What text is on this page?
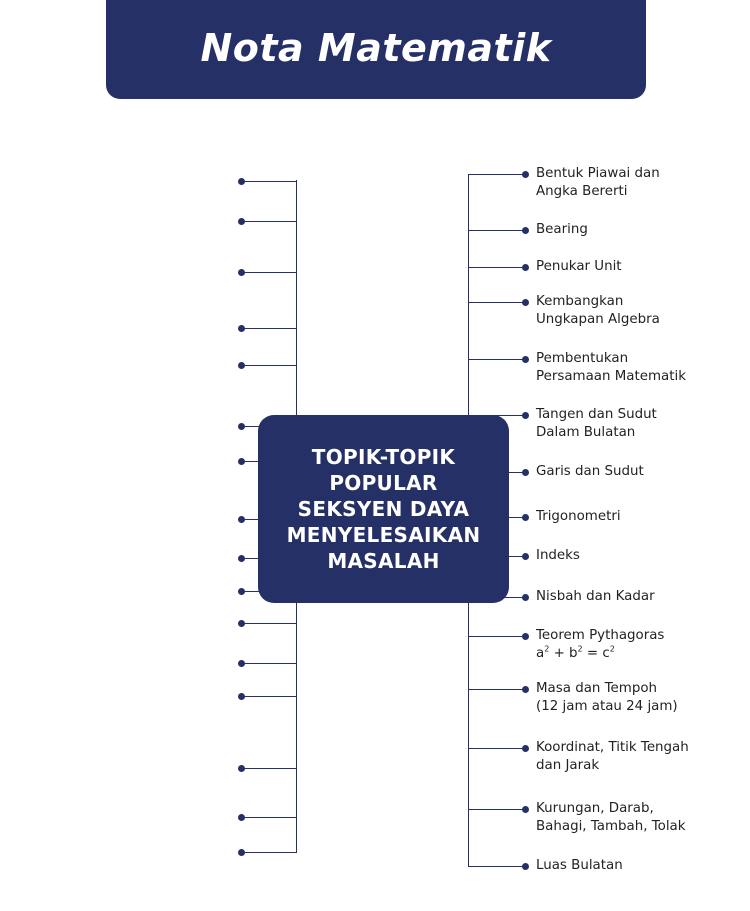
Nota Matematik
Bentuk Piawai dan
Angka Bererti
Bearing
Penukar Unit
Kembangkan
Ungkapan Algebra
Pembentukan
Persamaan Matematik
Tangen dan Sudut
Dalam Bulatan
Garis dan Sudut
Trigonometri
Indeks
Nisbah dan Kadar
Teorem Pythagoras
$a^2 + b^2 = c^2$
Masa dan Tempoh
(12 jam atau 24 jam)
Koordinat, Titik Tengah
dan Jarak
Kurungan, Darab,
Bahagi, Tambah, Tolak
Luas Bulatan
TOPIK-TOPIK
POPULAR
SEKSYEN DAYA
MENYELESAIKAN
MASALAH
